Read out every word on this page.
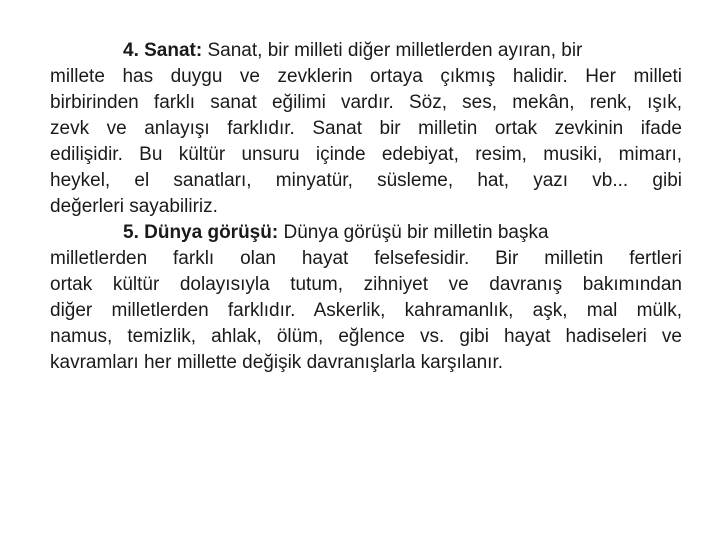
4. Sanat: Sanat, bir milleti diğer milletlerden ayıran, bir
millete has duygu ve zevklerin ortaya çıkmış halidir. Her milleti
birbirinden farklı sanat eğilimi vardır. Söz, ses, mekân, renk, ışık,
zevk ve anlayışı farklıdır. Sanat bir milletin ortak zevkinin ifade
edilişidir. Bu kültür unsuru içinde edebiyat, resim, musiki, mimarı,
heykel, el sanatları, minyatür, süsleme, hat, yazı vb... gibi
değerleri sayabiliriz.
5. Dünya görüşü: Dünya görüşü bir milletin başka
milletlerden farklı olan hayat felsefesidir. Bir milletin fertleri
ortak kültür dolayısıyla tutum, zihniyet ve davranış bakımından
diğer milletlerden farklıdır. Askerlik, kahramanlık, aşk, mal mülk,
namus, temizlik, ahlak, ölüm, eğlence vs. gibi hayat hadiseleri ve
kavramları her millette değişik davranışlarla karşılanır.
